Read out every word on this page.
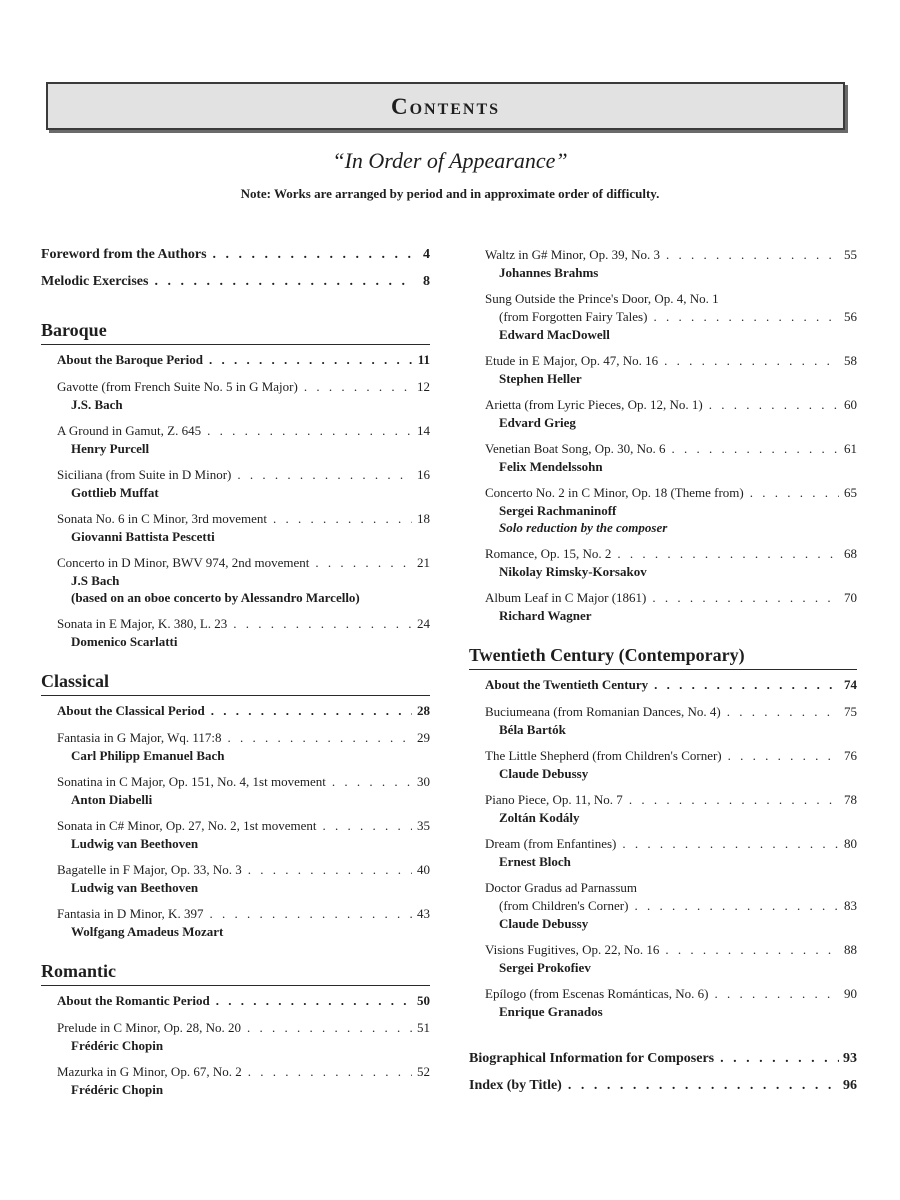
Contents
“In Order of Appearance”
Note: Works are arranged by period and in approximate order of difficulty.
Foreword from the Authors . . .	4
Melodic Exercises . . .	8
Baroque
About the Baroque Period . . .	11
Gavotte (from French Suite No. 5 in G Major) . . .	12
J.S. Bach
A Ground in Gamut, Z. 645 . . .	14
Henry Purcell
Siciliana (from Suite in D Minor) . . .	16
Gottlieb Muffat
Sonata No. 6 in C Minor, 3rd movement . . .	18
Giovanni Battista Pescetti
Concerto in D Minor, BWV 974, 2nd movement . . .	21
J.S Bach
(based on an oboe concerto by Alessandro Marcello)
Sonata in E Major, K. 380, L. 23 . . .	24
Domenico Scarlatti
Classical
About the Classical Period . . .	28
Fantasia in G Major, Wq. 117:8 . . .	29
Carl Philipp Emanuel Bach
Sonatina in C Major, Op. 151, No. 4, 1st movement . . .	30
Anton Diabelli
Sonata in C# Minor, Op. 27, No. 2, 1st movement . . .	35
Ludwig van Beethoven
Bagatelle in F Major, Op. 33, No. 3 . . .	40
Ludwig van Beethoven
Fantasia in D Minor, K. 397 . . .	43
Wolfgang Amadeus Mozart
Romantic
About the Romantic Period . . .	50
Prelude in C Minor, Op. 28, No. 20 . . .	51
Frédéric Chopin
Mazurka in G Minor, Op. 67, No. 2 . . .	52
Frédéric Chopin
Waltz in G# Minor, Op. 39, No. 3 . . .	55
Johannes Brahms
Sung Outside the Prince's Door, Op. 4, No. 1
(from Forgotten Fairy Tales) . . .	56
Edward MacDowell
Etude in E Major, Op. 47, No. 16 . . .	58
Stephen Heller
Arietta (from Lyric Pieces, Op. 12, No. 1) . . .	60
Edvard Grieg
Venetian Boat Song, Op. 30, No. 6 . . .	61
Felix Mendelssohn
Concerto No. 2 in C Minor, Op. 18 (Theme from) . . .	65
Sergei Rachmaninoff
Solo reduction by the composer
Romance, Op. 15, No. 2 . . .	68
Nikolay Rimsky-Korsakov
Album Leaf in C Major (1861) . . .	70
Richard Wagner
Twentieth Century (Contemporary)
About the Twentieth Century . . .	74
Buciumeana (from Romanian Dances, No. 4) . . .	75
Béla Bartók
The Little Shepherd (from Children's Corner) . . .	76
Claude Debussy
Piano Piece, Op. 11, No. 7 . . .	78
Zoltán Kodály
Dream (from Enfantines) . . .	80
Ernest Bloch
Doctor Gradus ad Parnassum
(from Children's Corner) . . .	83
Claude Debussy
Visions Fugitives, Op. 22, No. 16 . . .	88
Sergei Prokofiev
Epílogo (from Escenas Románticas, No. 6) . . .	90
Enrique Granados
Biographical Information for Composers . . .	93
Index (by Title) . . .	96
